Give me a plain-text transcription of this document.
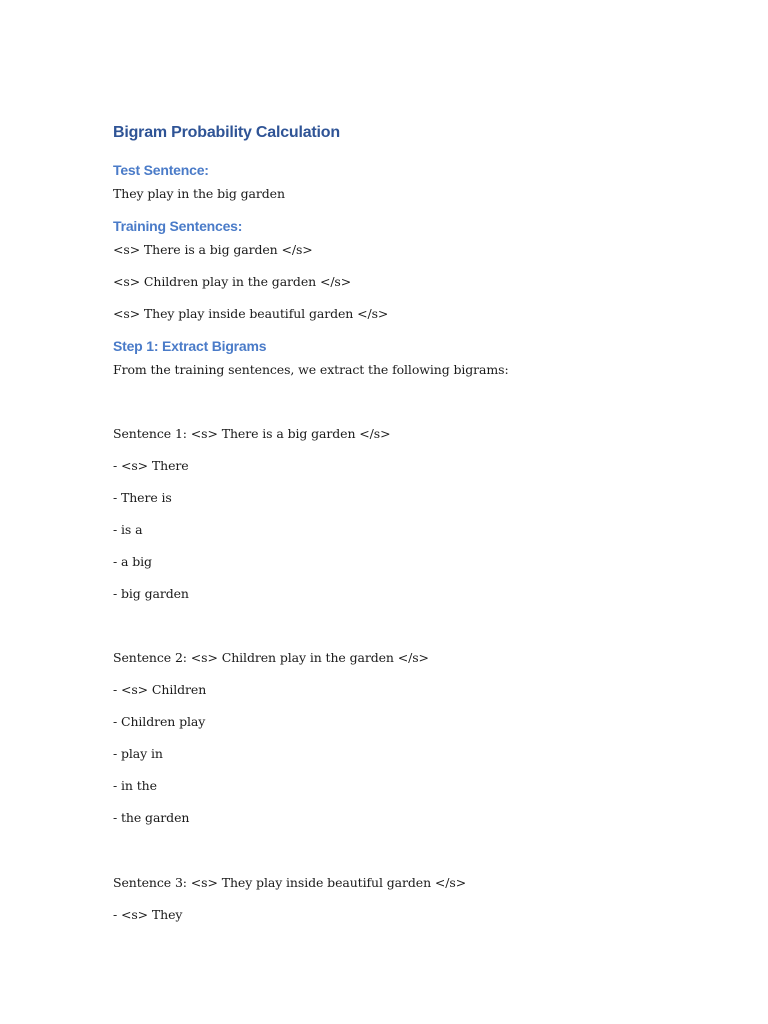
Bigram Probability Calculation
Test Sentence:
They play in the big garden
Training Sentences:
<s> There is a big garden </s>
<s> Children play in the garden </s>
<s> They play inside beautiful garden </s>
Step 1: Extract Bigrams
From the training sentences, we extract the following bigrams:
Sentence 1: <s> There is a big garden </s>
- <s> There
- There is
- is a
- a big
- big garden
Sentence 2: <s> Children play in the garden </s>
- <s> Children
- Children play
- play in
- in the
- the garden
Sentence 3: <s> They play inside beautiful garden </s>
- <s> They
